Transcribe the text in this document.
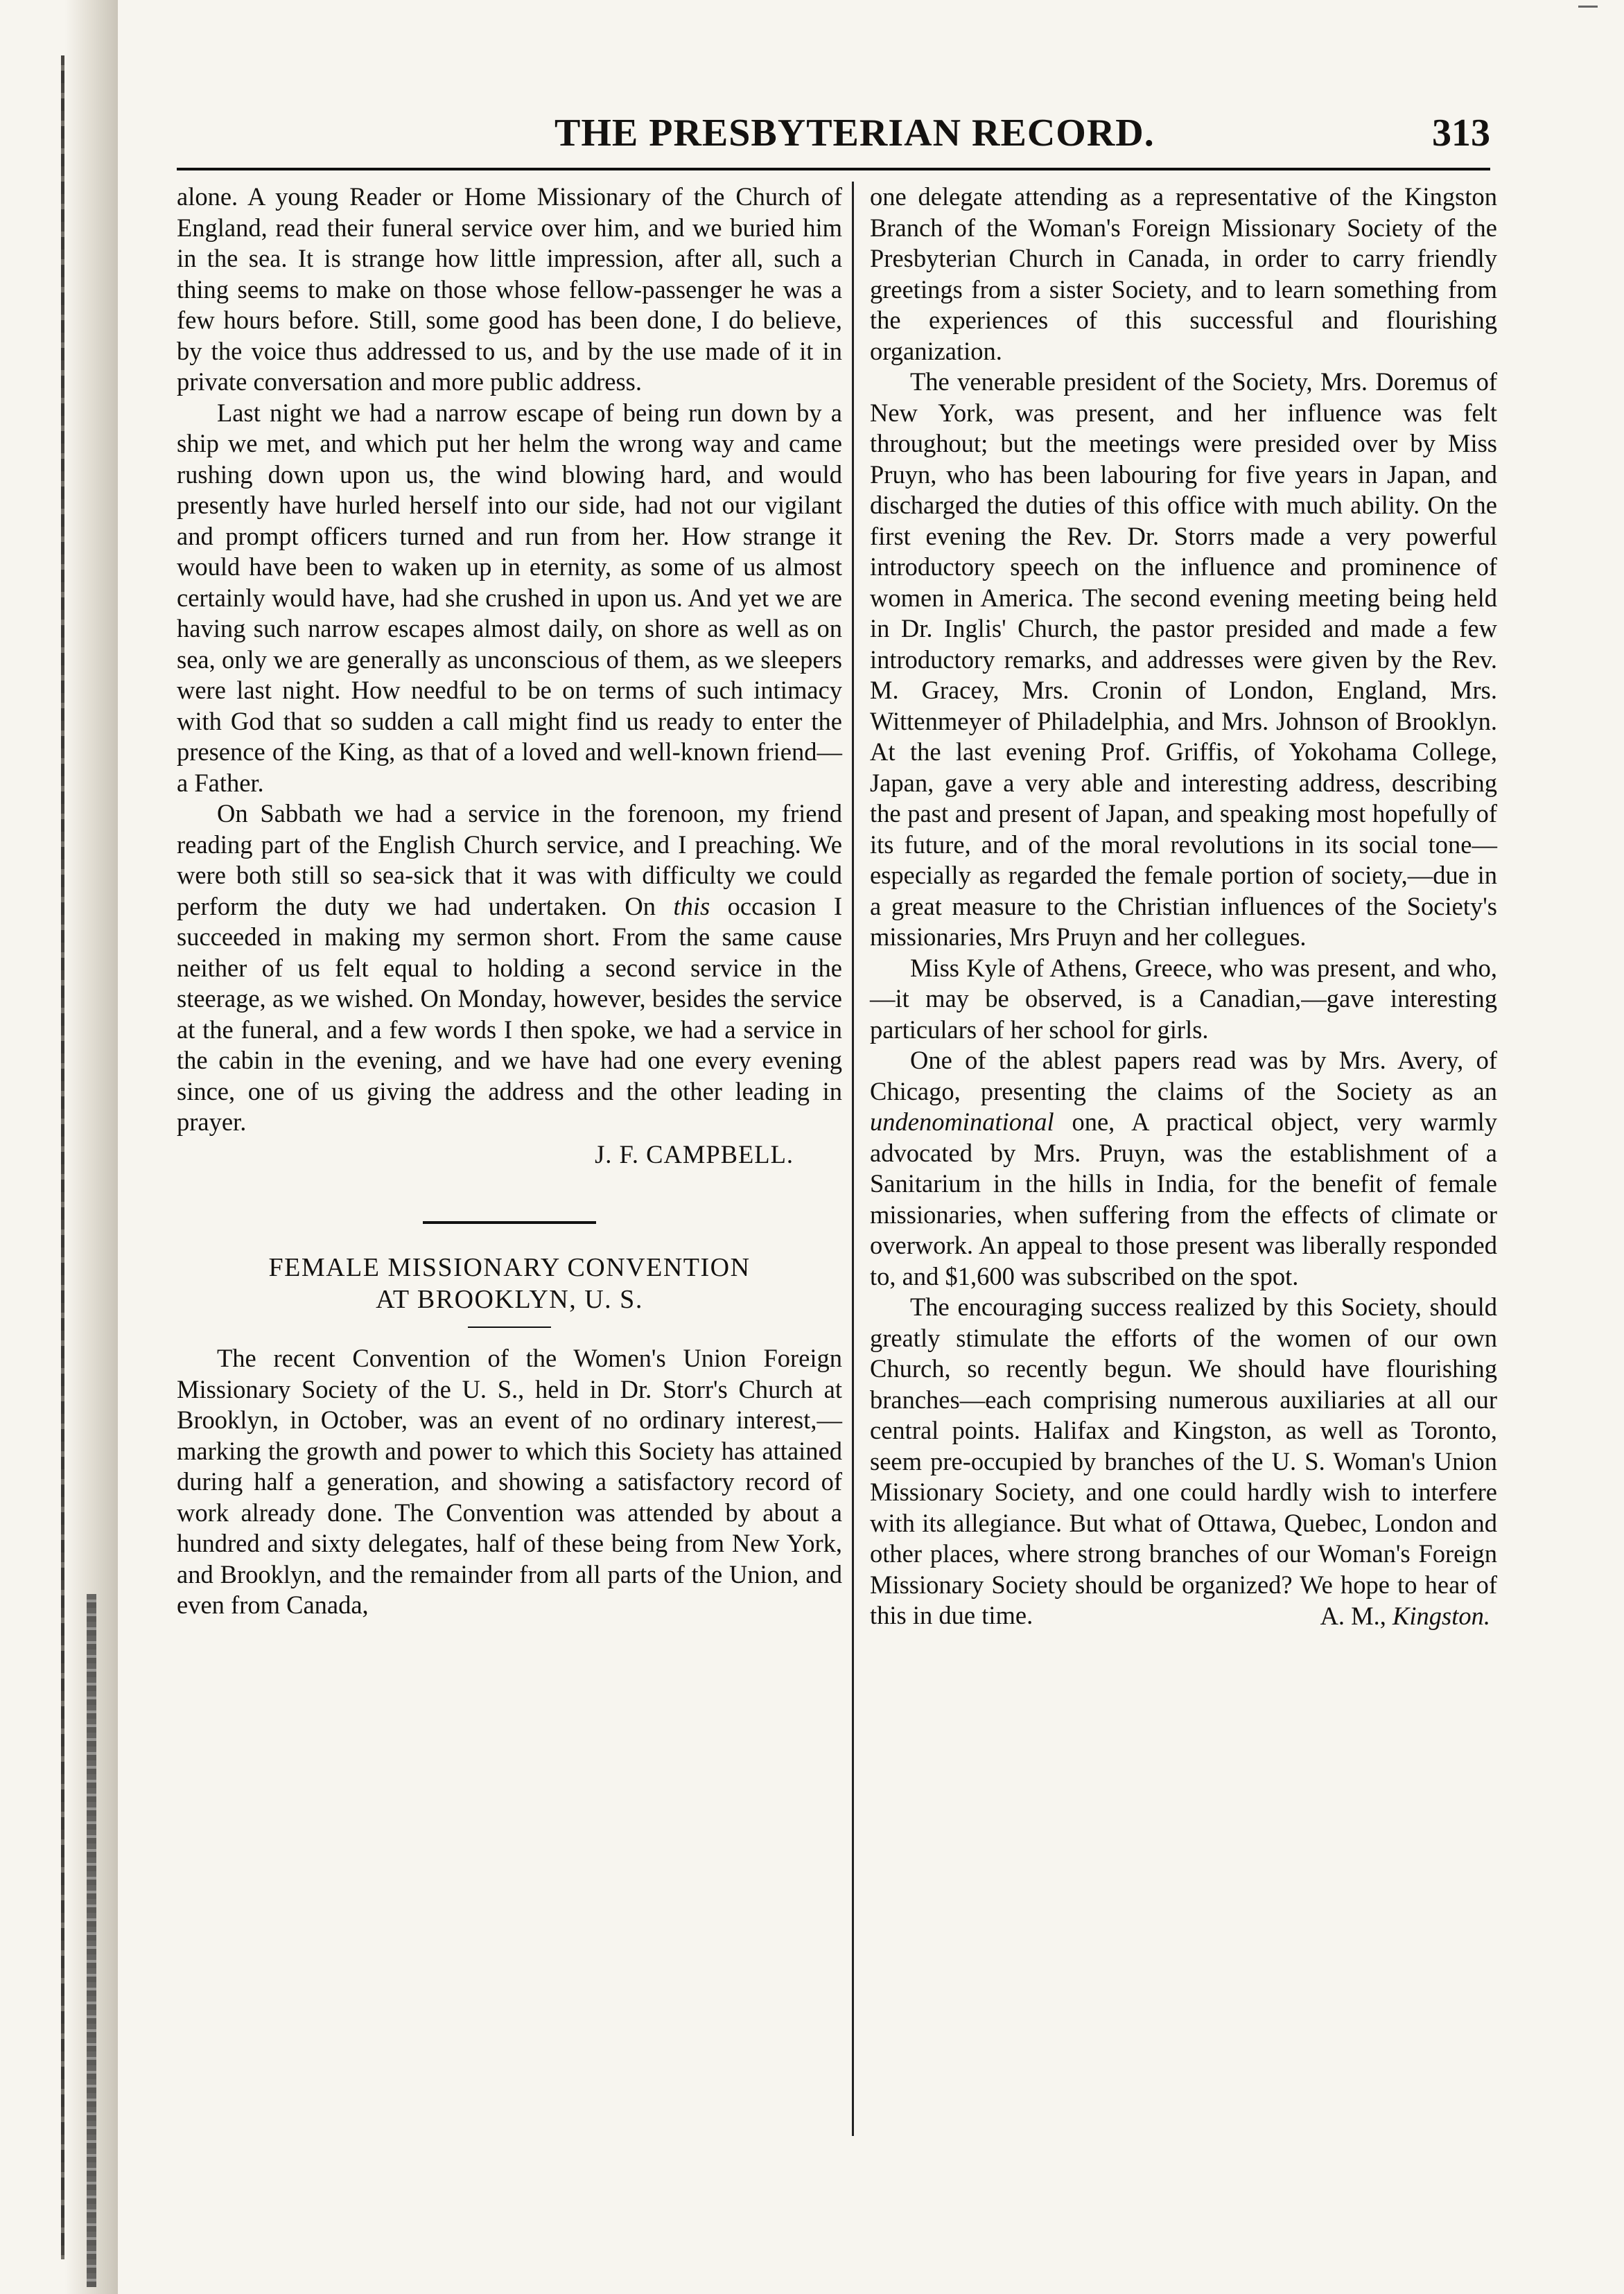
THE PRESBYTERIAN RECORD.	313

alone. A young Reader or Home Missionary of the Church of England, read their funeral service over him, and we buried him in the sea. It is strange how little impression, after all, such a thing seems to make on those whose fellow-passenger he was a few hours before. Still, some good has been done, I do believe, by the voice thus addressed to us, and by the use made of it in private conversation and more public address.

Last night we had a narrow escape of being run down by a ship we met, and which put her helm the wrong way and came rushing down upon us, the wind blowing hard, and would presently have hurled herself into our side, had not our vigilant and prompt officers turned and run from her. How strange it would have been to waken up in eternity, as some of us almost certainly would have, had she crushed in upon us. And yet we are having such narrow escapes almost daily, on shore as well as on sea, only we are generally as unconscious of them, as we sleepers were last night. How needful to be on terms of such intimacy with God that so sudden a call might find us ready to enter the presence of the King, as that of a loved and well-known friend—a Father.

On Sabbath we had a service in the forenoon, my friend reading part of the English Church service, and I preaching. We were both still so sea-sick that it was with difficulty we could perform the duty we had undertaken. On this occasion I succeeded in making my sermon short. From the same cause neither of us felt equal to holding a second service in the steerage, as we wished. On Monday, however, besides the service at the funeral, and a few words I then spoke, we had a service in the cabin in the evening, and we have had one every evening since, one of us giving the address and the other leading in prayer.

J. F. CAMPBELL.
FEMALE MISSIONARY CONVENTION
AT BROOKLYN, U. S.

The recent Convention of the Women's Union Foreign Missionary Society of the U. S., held in Dr. Storr's Church at Brooklyn, in October, was an event of no ordinary interest,—marking the growth and power to which this Society has attained during half a generation, and showing a satisfactory record of work already done. The Convention was attended by about a hundred and sixty delegates, half of these being from New York, and Brooklyn, and the remainder from all parts of the Union, and even from Canada,

one delegate attending as a representative of the Kingston Branch of the Woman's Foreign Missionary Society of the Presbyterian Church in Canada, in order to carry friendly greetings from a sister Society, and to learn something from the experiences of this successful and flourishing organization.

The venerable president of the Society, Mrs. Doremus of New York, was present, and her influence was felt throughout; but the meetings were presided over by Miss Pruyn, who has been labouring for five years in Japan, and discharged the duties of this office with much ability. On the first evening the Rev. Dr. Storrs made a very powerful introductory speech on the influence and prominence of women in America. The second evening meeting being held in Dr. Inglis' Church, the pastor presided and made a few introductory remarks, and addresses were given by the Rev. M. Gracey, Mrs. Cronin of London, England, Mrs. Wittenmeyer of Philadelphia, and Mrs. Johnson of Brooklyn. At the last evening Prof. Griffis, of Yokohama College, Japan, gave a very able and interesting address, describing the past and present of Japan, and speaking most hopefully of its future, and of the moral revolutions in its social tone—especially as regarded the female portion of society,—due in a great measure to the Christian influences of the Society's missionaries, Mrs Pruyn and her collegues.

Miss Kyle of Athens, Greece, who was present, and who,—it may be observed, is a Canadian,—gave interesting particulars of her school for girls.

One of the ablest papers read was by Mrs. Avery, of Chicago, presenting the claims of the Society as an undenominational one, A practical object, very warmly advocated by Mrs. Pruyn, was the establishment of a Sanitarium in the hills in India, for the benefit of female missionaries, when suffering from the effects of climate or overwork. An appeal to those present was liberally responded to, and $1,600 was subscribed on the spot.

The encouraging success realized by this Society, should greatly stimulate the efforts of the women of our own Church, so recently begun. We should have flourishing branches—each comprising numerous auxiliaries at all our central points. Halifax and Kingston, as well as Toronto, seem pre-occupied by branches of the U. S. Woman's Union Missionary Society, and one could hardly wish to interfere with its allegiance. But what of Ottawa, Quebec, London and other places, where strong branches of our Woman's Foreign Missionary Society should be organized? We hope to hear of this in due time.	A. M., Kingston.
